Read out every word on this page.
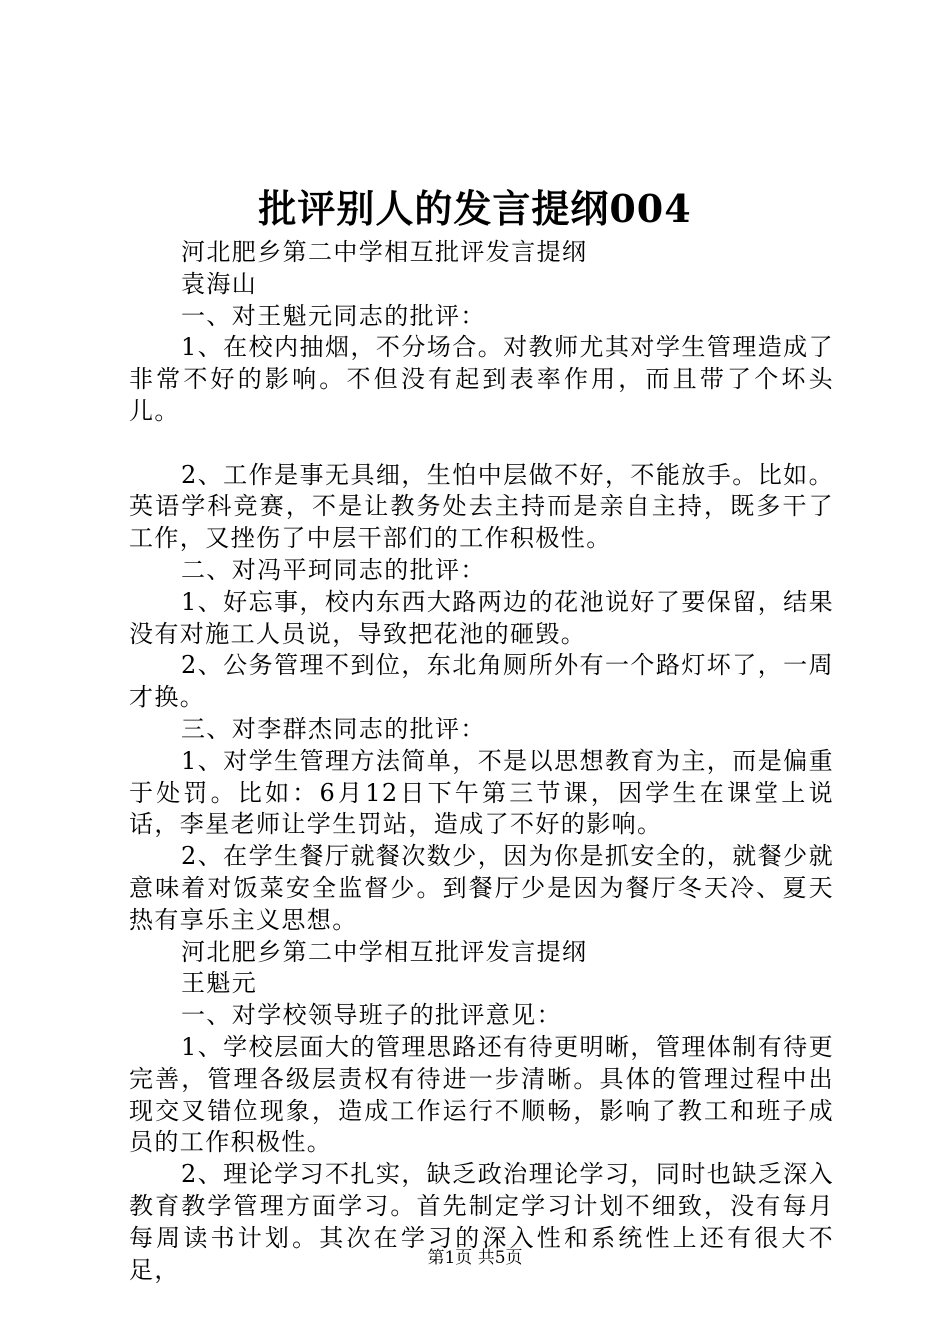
批评别人的发言提纲004

河北肥乡第二中学相互批评发言提纲

袁海山

一、对王魁元同志的批评：

1、在校内抽烟，不分场合。对教师尤其对学生管理造成了非常不好的影响。不但没有起到表率作用，而且带了个坏头儿。

2、工作是事无具细，生怕中层做不好，不能放手。比如。英语学科竞赛，不是让教务处去主持而是亲自主持，既多干了工作，又挫伤了中层干部们的工作积极性。

二、对冯平珂同志的批评：

1、好忘事，校内东西大路两边的花池说好了要保留，结果没有对施工人员说，导致把花池的砸毁。

2、公务管理不到位，东北角厕所外有一个路灯坏了，一周才换。

三、对李群杰同志的批评：

1、对学生管理方法简单，不是以思想教育为主，而是偏重于处罚。比如：6月12日下午第三节课，因学生在课堂上说话，李星老师让学生罚站，造成了不好的影响。

2、在学生餐厅就餐次数少，因为你是抓安全的，就餐少就意味着对饭菜安全监督少。到餐厅少是因为餐厅冬天冷、夏天热有享乐主义思想。

河北肥乡第二中学相互批评发言提纲

王魁元

一、对学校领导班子的批评意见：

1、学校层面大的管理思路还有待更明晰，管理体制有待更完善，管理各级层责权有待进一步清晰。具体的管理过程中出现交叉错位现象，造成工作运行不顺畅，影响了教工和班子成员的工作积极性。

2、理论学习不扎实，缺乏政治理论学习，同时也缺乏深入教育教学管理方面学习。首先制定学习计划不细致，没有每月每周读书计划。其次在学习的深入性和系统性上还有很大不足，	第1页 共5页
